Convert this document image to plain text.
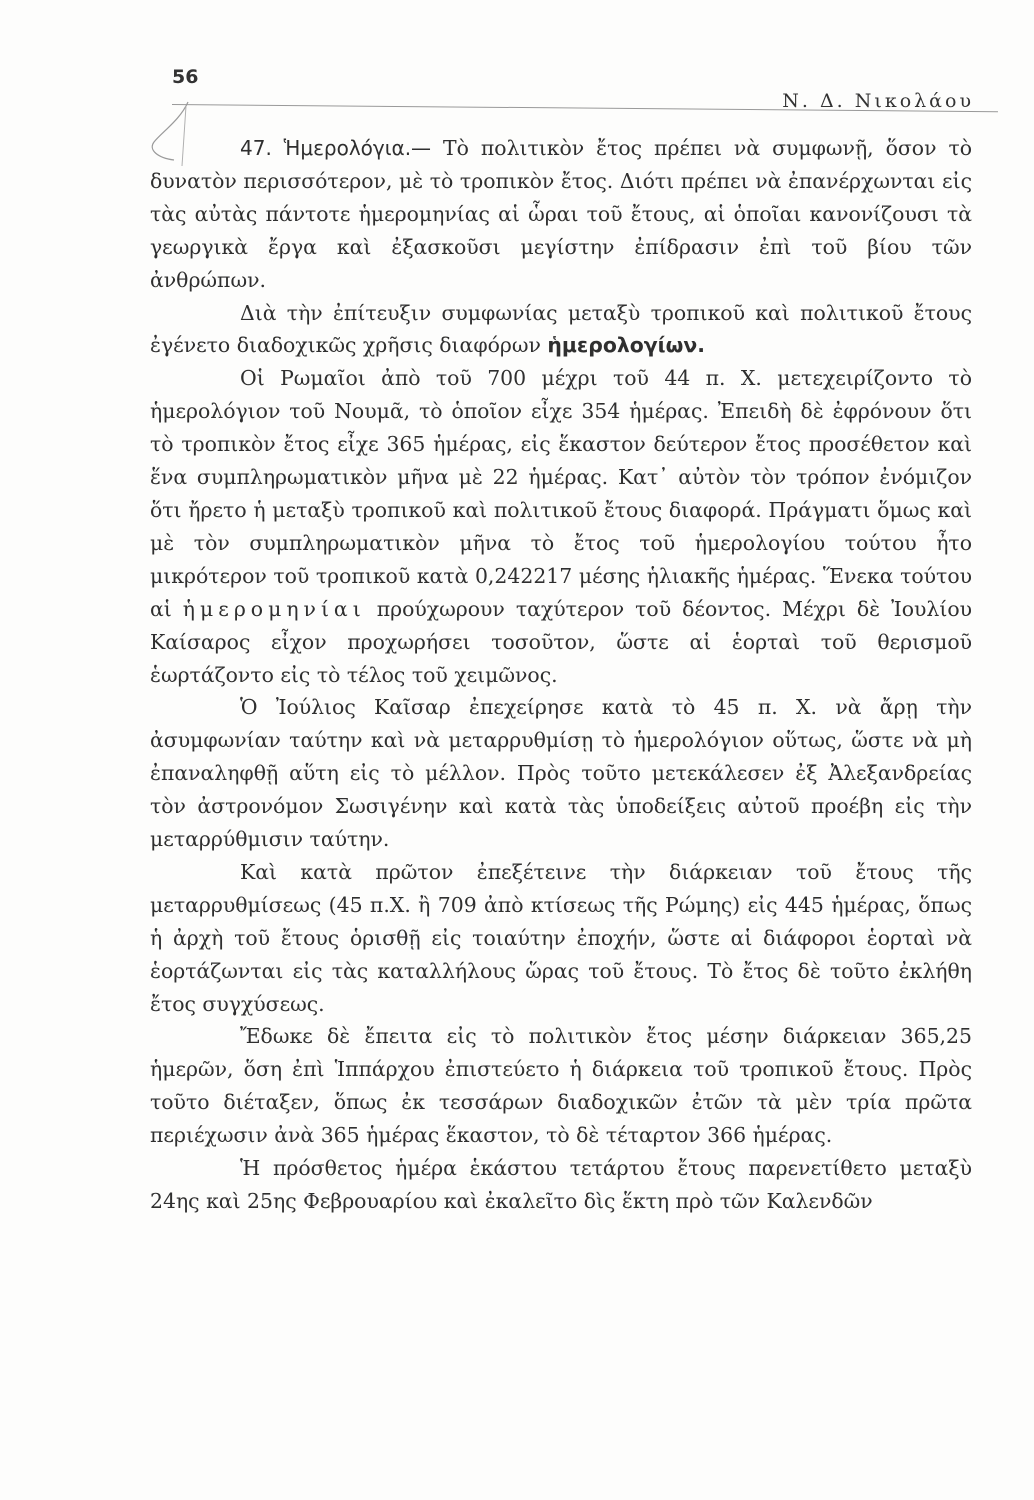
56
Ν. Δ. Νικολάου

47. Ἡμερολόγια.— Τὸ πολιτικὸν ἔτος πρέπει νὰ συμφωνῇ, ὅσον τὸ δυνατὸν περισσότερον, μὲ τὸ τροπικὸν ἔτος. Διότι πρέπει νὰ ἐπανέρχωνται εἰς τὰς αὐτὰς πάντοτε ἡμερομηνίας αἱ ὧραι τοῦ ἔτους, αἱ ὁποῖαι κανονίζουσι τὰ γεωργικὰ ἔργα καὶ ἐξασκοῦσι μεγίστην ἐπίδρασιν ἐπὶ τοῦ βίου τῶν ἀνθρώπων.

Διὰ τὴν ἐπίτευξιν συμφωνίας μεταξὺ τροπικοῦ καὶ πολιτικοῦ ἔτους ἐγένετο διαδοχικῶς χρῆσις διαφόρων ἡμερολογίων.

Οἱ Ρωμαῖοι ἀπὸ τοῦ 700 μέχρι τοῦ 44 π. Χ. μετεχειρίζοντο τὸ ἡμερολόγιον τοῦ Νουμᾶ, τὸ ὁποῖον εἶχε 354 ἡμέρας. Ἐπειδὴ δὲ ἐφρόνουν ὅτι τὸ τροπικὸν ἔτος εἶχε 365 ἡμέρας, εἰς ἕκαστον δεύτερον ἔτος προσέθετον καὶ ἕνα συμπληρωματικὸν μῆνα μὲ 22 ἡμέρας. Κατ᾽ αὐτὸν τὸν τρόπον ἐνόμιζον ὅτι ἤρετο ἡ μεταξὺ τροπικοῦ καὶ πολιτικοῦ ἔτους διαφορά. Πράγματι ὅμως καὶ μὲ τὸν συμπληρωματικὸν μῆνα τὸ ἔτος τοῦ ἡμερολογίου τούτου ἦτο μικρότερον τοῦ τροπικοῦ κατὰ 0,242217 μέσης ἡλιακῆς ἡμέρας. Ἕνεκα τούτου αἱ ἡμερομηνίαι προύχωρουν ταχύτερον τοῦ δέοντος. Μέχρι δὲ Ἰουλίου Καίσαρος εἶχον προχωρήσει τοσοῦτον, ὥστε αἱ ἑορταὶ τοῦ θερισμοῦ ἑωρτάζοντο εἰς τὸ τέλος τοῦ χειμῶνος.

Ὁ Ἰούλιος Καῖσαρ ἐπεχείρησε κατὰ τὸ 45 π. Χ. νὰ ἄρῃ τὴν ἀσυμφωνίαν ταύτην καὶ νὰ μεταρρυθμίσῃ τὸ ἡμερολόγιον οὕτως, ὥστε νὰ μὴ ἐπαναληφθῇ αὕτη εἰς τὸ μέλλον. Πρὸς τοῦτο μετεκάλεσεν ἐξ Ἀλεξανδρείας τὸν ἀστρονόμον Σωσιγένην καὶ κατὰ τὰς ὑποδείξεις αὐτοῦ προέβη εἰς τὴν μεταρρύθμισιν ταύτην.

Καὶ κατὰ πρῶτον ἐπεξέτεινε τὴν διάρκειαν τοῦ ἔτους τῆς μεταρρυθμίσεως (45 π.Χ. ἢ 709 ἀπὸ κτίσεως τῆς Ρώμης) εἰς 445 ἡμέρας, ὅπως ἡ ἀρχὴ τοῦ ἔτους ὁρισθῇ εἰς τοιαύτην ἐποχήν, ὥστε αἱ διάφοροι ἑορταὶ νὰ ἑορτάζωνται εἰς τὰς καταλλήλους ὥρας τοῦ ἔτους. Τὸ ἔτος δὲ τοῦτο ἐκλήθη ἔτος συγχύσεως.

Ἔδωκε δὲ ἔπειτα εἰς τὸ πολιτικὸν ἔτος μέσην διάρκειαν 365,25 ἡμερῶν, ὅση ἐπὶ Ἱππάρχου ἐπιστεύετο ἡ διάρκεια τοῦ τροπικοῦ ἔτους. Πρὸς τοῦτο διέταξεν, ὅπως ἐκ τεσσάρων διαδοχικῶν ἐτῶν τὰ μὲν τρία πρῶτα περιέχωσιν ἀνὰ 365 ἡμέρας ἕκαστον, τὸ δὲ τέταρτον 366 ἡμέρας.

Ἡ πρόσθετος ἡμέρα ἑκάστου τετάρτου ἔτους παρενετίθετο μεταξὺ 24ης καὶ 25ης Φεβρουαρίου καὶ ἐκαλεῖτο δὶς ἕκτη πρὸ τῶν Καλενδῶν
